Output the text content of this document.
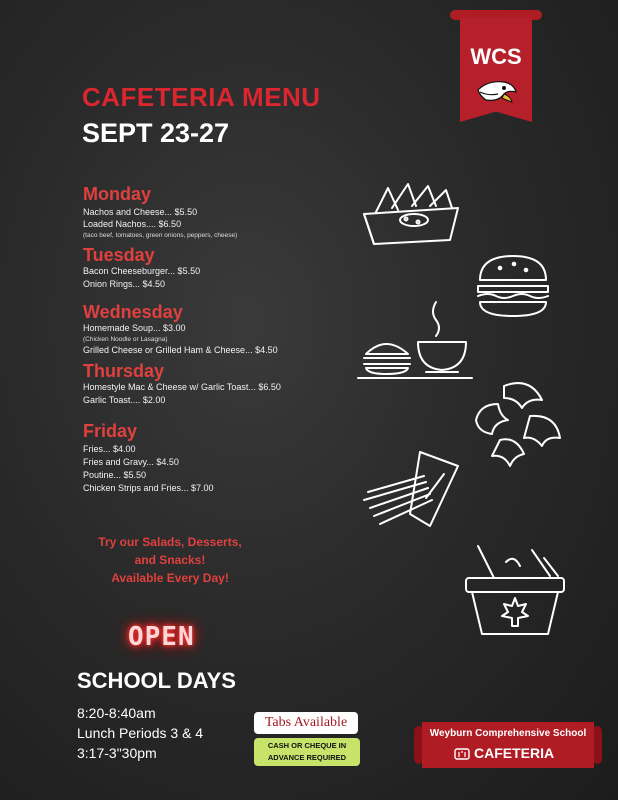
WCS
CAFETERIA MENU
SEPT 23-27
Monday
Nachos and Cheese... $5.50
Loaded Nachos.... $6.50
(taco beef, tomatoes, green onions, peppers, cheese)
Tuesday
Bacon Cheeseburger... $5.50
Onion Rings... $4.50
Wednesday
Homemade Soup... $3.00
(Chicken Noodle or Lasagna)
Grilled Cheese or Grilled Ham & Cheese... $4.50
Thursday
Homestyle Mac & Cheese w/ Garlic Toast... $6.50
Garlic Toast.... $2.00
Friday
Fries... $4.00
Fries and Gravy... $4.50
Poutine... $5.50
Chicken Strips and Fries... $7.00
Try our Salads, Desserts,
and Snacks!
Available Every Day!
OPEN
SCHOOL DAYS
8:20-8:40am
Lunch Periods 3 & 4
3:17-3"30pm
Tabs Available
CASH OR CHEQUE IN
ADVANCE REQUIRED
Weyburn Comprehensive School
CAFETERIA
